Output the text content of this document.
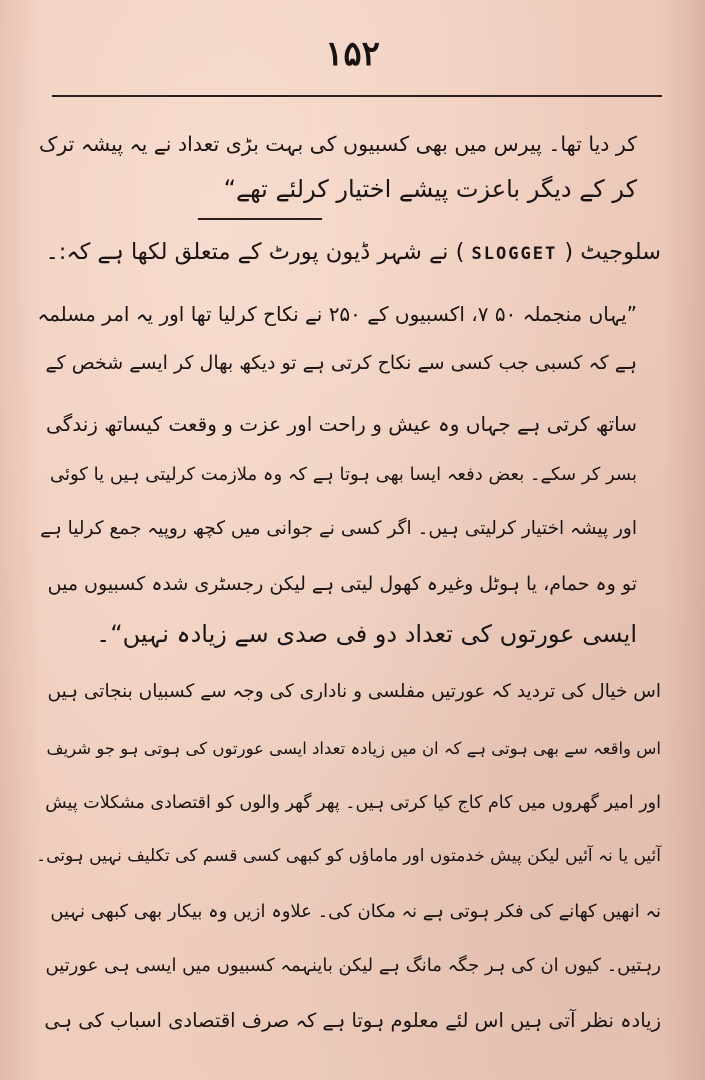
۱۵۲
کر دیا تھا۔ پیرس میں بھی کسبیوں کی بہت بڑی تعداد نے یہ پیشہ ترک
کر کے دیگر باعزت پیشے اختیار کرلئے تھے“
سلوجیٹ ( SLOGGET ) نے شہر ڈیون پورٹ کے متعلق لکھا ہے کہ:۔
”یہاں منجملہ ۵۰ ۷، اکسبیوں کے ۲۵۰ نے نکاح کرلیا تھا اور یہ امر مسلمہ
ہے کہ کسبی جب کسی سے نکاح کرتی ہے تو دیکھ بھال کر ایسے شخص کے
ساتھ کرتی ہے جہاں وہ عیش و راحت اور عزت و وقعت کیساتھ زندگی
بسر کر سکے۔ بعض دفعہ ایسا بھی ہوتا ہے کہ وہ ملازمت کرلیتی ہیں یا کوئی
اور پیشہ اختیار کرلیتی ہیں۔ اگر کسی نے جوانی میں کچھ روپیہ جمع کرلیا ہے
تو وہ حمام، یا ہوٹل وغیرہ کھول لیتی ہے لیکن رجسٹری شدہ کسبیوں میں
ایسی عورتوں کی تعداد دو فی صدی سے زیادہ نہیں“۔
اس خیال کی تردید کہ عورتیں مفلسی و ناداری کی وجہ سے کسبیاں بنجاتی ہیں
اس واقعہ سے بھی ہوتی ہے کہ ان میں زیادہ تعداد ایسی عورتوں کی ہوتی ہو جو شریف
اور امیر گھروں میں کام کاج کیا کرتی ہیں۔ پھر گھر والوں کو اقتصادی مشکلات پیش
آئیں یا نہ آئیں لیکن پیش خدمتوں اور ماماؤں کو کبھی کسی قسم کی تکلیف نہیں ہوتی۔
نہ انھیں کھانے کی فکر ہوتی ہے نہ مکان کی۔ علاوہ ازیں وہ بیکار بھی کبھی نہیں
رہتیں۔ کیوں ان کی ہر جگہ مانگ ہے لیکن باینہمہ کسبیوں میں ایسی ہی عورتیں
زیادہ نظر آتی ہیں اس لئے معلوم ہوتا ہے کہ صرف اقتصادی اسباب کی ہی
